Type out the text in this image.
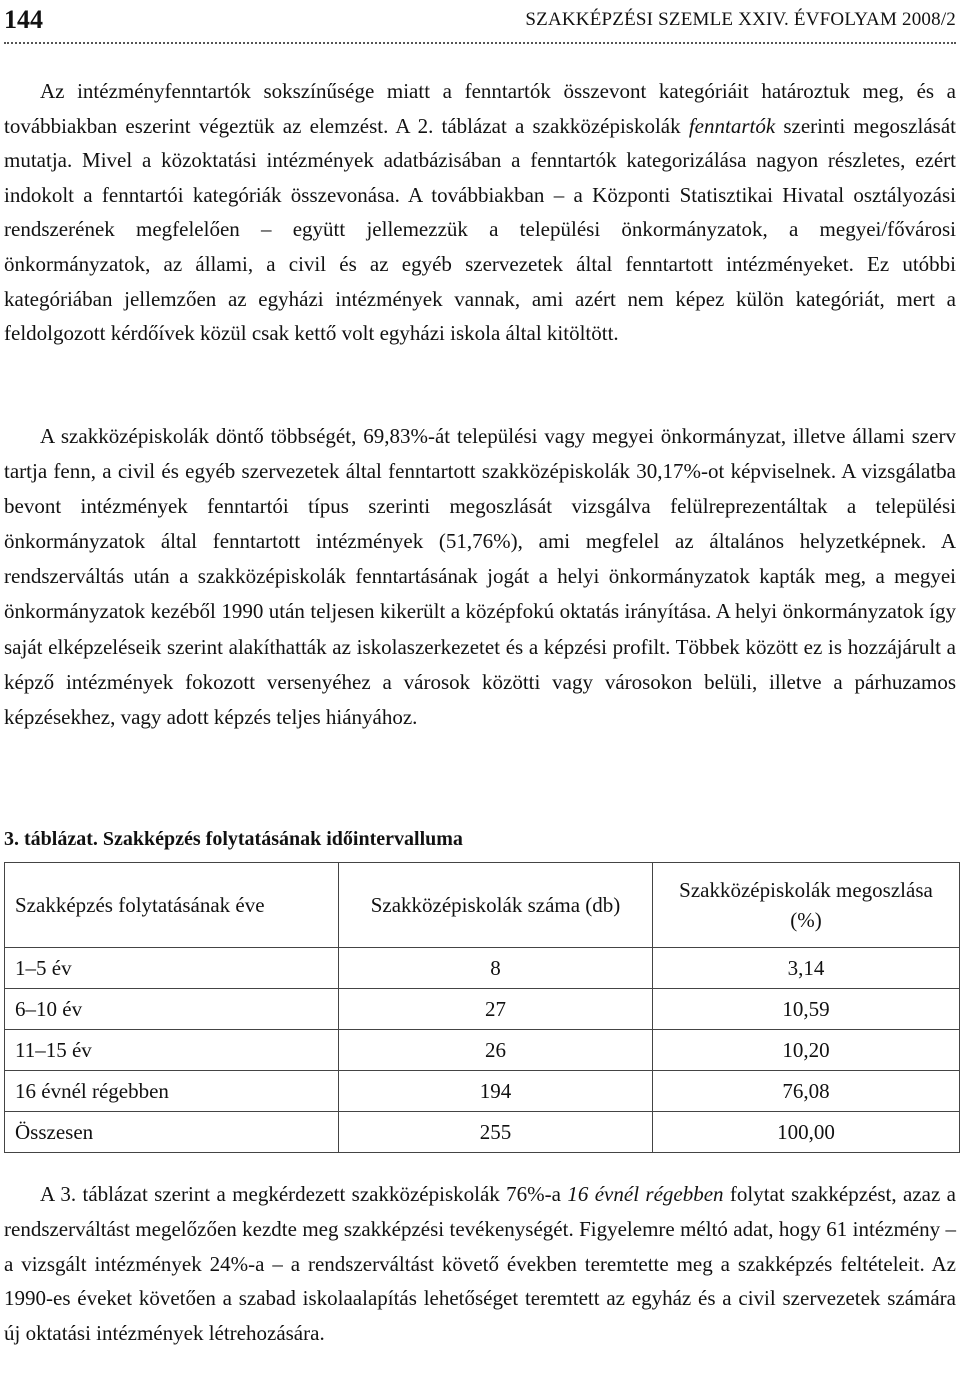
144	SZAKKÉPZÉSI SZEMLE XXIV. ÉVFOLYAM 2008/2

Az intézményfenntartók sokszínűsége miatt a fenntartók összevont kategóriáit határoztuk meg, és a továbbiakban eszerint végeztük az elemzést. A 2. táblázat a szakközépiskolák fenntartók szerinti megoszlását mutatja. Mivel a közoktatási intézmények adatbázisában a fenntartók kategorizálása nagyon részletes, ezért indokolt a fenntartói kategóriák összevonása. A továbbiakban – a Központi Statisztikai Hivatal osztályozási rendszerének megfelelően – együtt jellemezzük a települési önkormányzatok, a megyei/fővárosi önkormányzatok, az állami, a civil és az egyéb szervezetek által fenntartott intézményeket. Ez utóbbi kategóriában jellemzően az egyházi intézmények vannak, ami azért nem képez külön kategóriát, mert a feldolgozott kérdőívek közül csak kettő volt egyházi iskola által kitöltött.

A szakközépiskolák döntő többségét, 69,83%-át települési vagy megyei önkormányzat, illetve állami szerv tartja fenn, a civil és egyéb szervezetek által fenntartott szakközépiskolák 30,17%-ot képviselnek. A vizsgálatba bevont intézmények fenntartói típus szerinti megoszlását vizsgálva felülreprezentáltak a települési önkormányzatok által fenntartott intézmények (51,76%), ami megfelel az általános helyzetképnek. A rendszerváltás után a szakközépiskolák fenntartásának jogát a helyi önkormányzatok kapták meg, a megyei önkormányzatok kezéből 1990 után teljesen kikerült a középfokú oktatás irányítása. A helyi önkormányzatok így saját elképzeléseik szerint alakíthatták az iskolaszerkezetet és a képzési profilt. Többek között ez is hozzájárult a képző intézmények fokozott versenyéhez a városok közötti vagy városokon belüli, illetve a párhuzamos képzésekhez, vagy adott képzés teljes hiányához.

3. táblázat. Szakképzés folytatásának időintervalluma

Szakképzés folytatásának éve	Szakközépiskolák száma (db)	Szakközépiskolák megoszlása (%)
1–5 év	8	3,14
6–10 év	27	10,59
11–15 év	26	10,20
16 évnél régebben	194	76,08
Összesen	255	100,00

A 3. táblázat szerint a megkérdezett szakközépiskolák 76%-a 16 évnél régebben folytat szakképzést, azaz a rendszerváltást megelőzően kezdte meg szakképzési tevékenységét. Figyelemre méltó adat, hogy 61 intézmény – a vizsgált intézmények 24%-a – a rendszerváltást követő években teremtette meg a szakképzés feltételeit. Az 1990-es éveket követően a szabad iskolaalapítás lehetőséget teremtett az egyház és a civil szervezetek számára új oktatási intézmények létrehozására.
